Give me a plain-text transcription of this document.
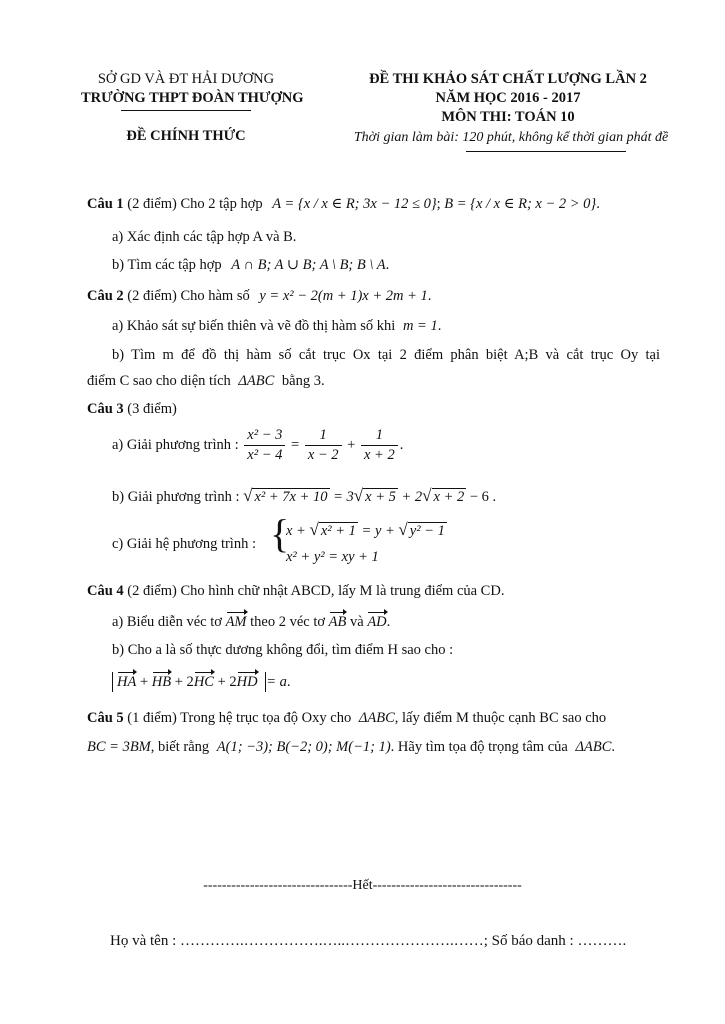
SỞ GD VÀ ĐT HẢI DƯƠNG
TRƯỜNG THPT ĐOÀN THƯỢNG
ĐỀ CHÍNH THỨC
ĐỀ THI KHẢO SÁT CHẤT LƯỢNG LẦN 2
NĂM HỌC 2016 - 2017
MÔN THI: TOÁN 10
Thời gian làm bài: 120 phút, không kể thời gian phát đề
Câu 1 (2 điểm) Cho 2 tập hợp A = {x / x ∈ R; 3x − 12 ≤ 0}; B = {x / x ∈ R; x − 2 > 0}.
a) Xác định các tập hợp A và B.
b) Tìm các tập hợp A ∩ B; A ∪ B; A \ B; B \ A.
Câu 2 (2 điểm) Cho hàm số y = x² − 2(m + 1)x + 2m + 1.
a) Khảo sát sự biến thiên và vẽ đồ thị hàm số khi m = 1.
b) Tìm m để đồ thị hàm số cắt trục Ox tại 2 điểm phân biệt A;B và cắt trục Oy tại
điểm C sao cho diện tích ΔABC bằng 3.
Câu 3 (3 điểm)
a) Giải phương trình : $\frac{\text{x² − 3}}{\text{x² − 4}} = \frac{1}{x - 2} + \frac{1}{x + 2}$ .
b) Giải phương trình : √ x² + 7x + 10 = 3√ x + 5 + 2√ x + 2 − 6 .
c) Giải hệ phương trình : {
x + √ x² + 1 = y + √ y² − 1
x² + y² = xy + 1
Câu 4 (2 điểm) Cho hình chữ nhật ABCD, lấy M là trung điểm của CD.
a) Biểu diễn véc tơ AM theo 2 véc tơ AB và AD.
b) Cho a là số thực dương không đổi, tìm điểm H sao cho :
HA + HB + 2HC + 2HD = a.
Câu 5 (1 điểm) Trong hệ trục tọa độ Oxy cho ΔABC, lấy điểm M thuộc cạnh BC sao cho
BC = 3BM, biết rằng A(1; −3); B(−2; 0); M(−1; 1). Hãy tìm tọa độ trọng tâm của ΔABC.
--------------------------------Hết--------------------------------
Họ và tên : ………….…………….…..………………….……; Số báo danh : ……….
